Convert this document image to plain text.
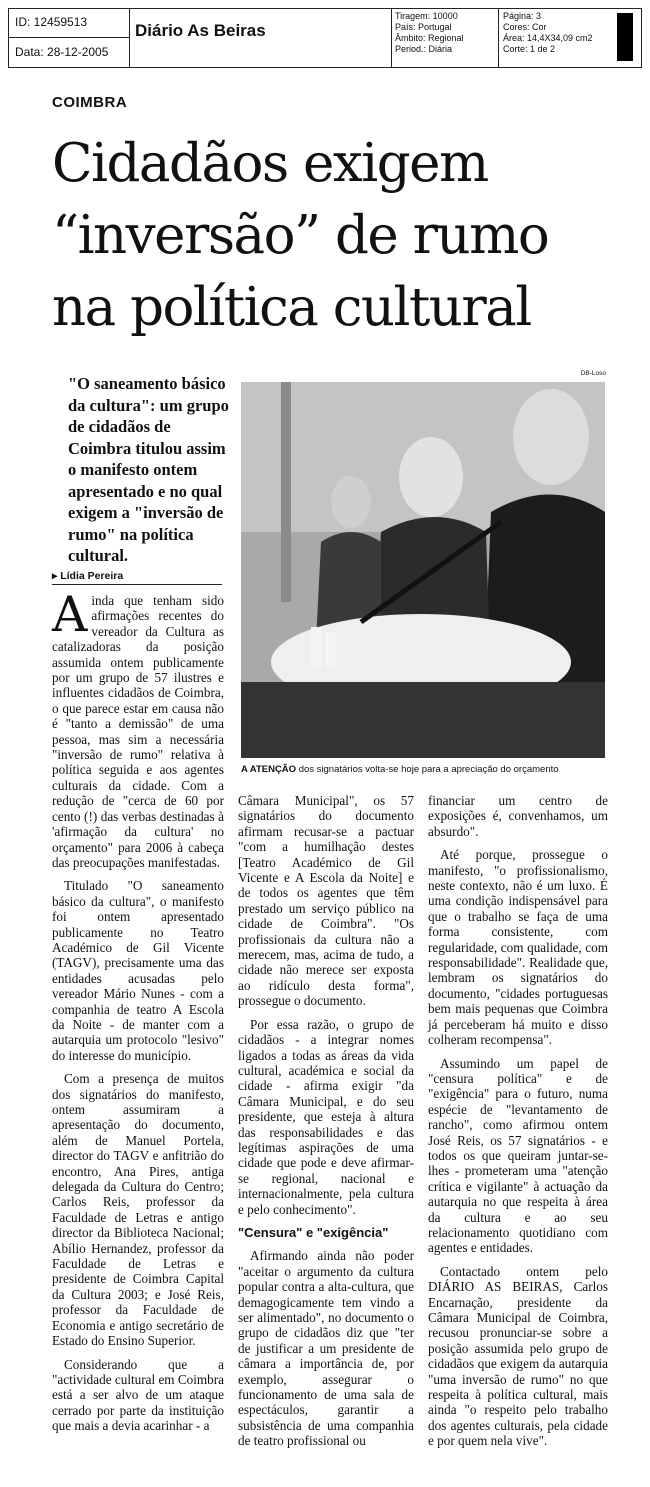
ID: 12459513
Data: 28-12-2005
Diário As Beiras
Tiragem: 10000
País: Portugal
Âmbito: Regional
Period.: Diária
Página: 3
Cores: Cor
Área: 14,4X34,09 cm2
Corte: 1 de 2
COIMBRA
Cidadãos exigem
“inversão” de rumo
na política cultural
"O saneamento básico da cultura": um grupo de cidadãos de Coimbra titulou assim o manifesto ontem apresentado e no qual exigem a "inversão de rumo" na política cultural.
DB-Loso
A ATENÇÃO dos signatários volta-se hoje para a apreciação do orçamento
▸ Lídia Pereira

Ainda que tenham sido afirmações recentes do vereador da Cultura as catalizadoras da posição assumida ontem publicamente por um grupo de 57 ilustres e influentes cidadãos de Coimbra, o que parece estar em causa não é "tanto a demissão" de uma pessoa, mas sim a necessária "inversão de rumo" relativa à política seguida e aos agentes culturais da cidade. Com a redução de "cerca de 60 por cento (!) das verbas destinadas à 'afirmação da cultura' no orçamento" para 2006 à cabeça das preocupações manifestadas.

Titulado "O saneamento básico da cultura", o manifesto foi ontem apresentado publicamente no Teatro Académico de Gil Vicente (TAGV), precisamente uma das entidades acusadas pelo vereador Mário Nunes - com a companhia de teatro A Escola da Noite - de manter com a autarquia um protocolo "lesivo" do interesse do município.

Com a presença de muitos dos signatários do manifesto, ontem assumiram a apresentação do documento, além de Manuel Portela, director do TAGV e anfitrião do encontro, Ana Pires, antiga delegada da Cultura do Centro; Carlos Reis, professor da Faculdade de Letras e antigo director da Biblioteca Nacional; Abílio Hernandez, professor da Faculdade de Letras e presidente de Coimbra Capital da Cultura 2003; e José Reis, professor da Faculdade de Economia e antigo secretário de Estado do Ensino Superior.

Considerando que a "actividade cultural em Coimbra está a ser alvo de um ataque cerrado por parte da instituição que mais a devia acarinhar - a

Câmara Municipal", os 57 signatários do documento afirmam recusar-se a pactuar "com a humilhação destes [Teatro Académico de Gil Vicente e A Escola da Noite] e de todos os agentes que têm prestado um serviço público na cidade de Coimbra". "Os profissionais da cultura não a merecem, mas, acima de tudo, a cidade não merece ser exposta ao ridículo desta forma", prossegue o documento.

Por essa razão, o grupo de cidadãos - a integrar nomes ligados a todas as áreas da vida cultural, académica e social da cidade - afirma exigir "da Câmara Municipal, e do seu presidente, que esteja à altura das responsabilidades e das legítimas aspirações de uma cidade que pode e deve afirmar-se regional, nacional e internacionalmente, pela cultura e pelo conhecimento".

"Censura" e "exigência"

Afirmando ainda não poder "aceitar o argumento da cultura popular contra a alta-cultura, que demagogicamente tem vindo a ser alimentado", no documento o grupo de cidadãos diz que "ter de justificar a um presidente de câmara a importância de, por exemplo, assegurar o funcionamento de uma sala de espectáculos, garantir a subsistência de uma companhia de teatro profissional ou

financiar um centro de exposições é, convenhamos, um absurdo".

Até porque, prossegue o manifesto, "o profissionalismo, neste contexto, não é um luxo. É uma condição indispensável para que o trabalho se faça de uma forma consistente, com regularidade, com qualidade, com responsabilidade". Realidade que, lembram os signatários do documento, "cidades portuguesas bem mais pequenas que Coimbra já perceberam há muito e disso colheram recompensa".

Assumindo um papel de "censura política" e de "exigência" para o futuro, numa espécie de "levantamento de rancho", como afirmou ontem José Reis, os 57 signatários - e todos os que queiram juntar-se-lhes - prometeram uma "atenção crítica e vigilante" à actuação da autarquia no que respeita à área da cultura e ao seu relacionamento quotidiano com agentes e entidades.

Contactado ontem pelo DIÁRIO AS BEIRAS, Carlos Encarnação, presidente da Câmara Municipal de Coimbra, recusou pronunciar-se sobre a posição assumida pelo grupo de cidadãos que exigem da autarquia "uma inversão de rumo" no que respeita à política cultural, mais ainda "o respeito pelo trabalho dos agentes culturais, pela cidade e por quem nela vive".
